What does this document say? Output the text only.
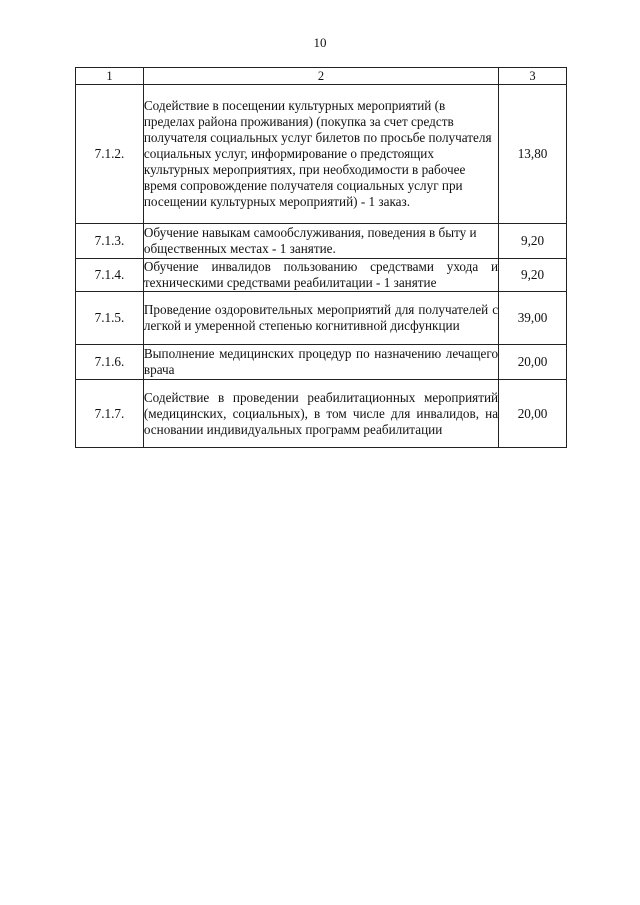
10
1	2	3
7.1.2.	Содействие в посещении культурных мероприятий (в пределах района проживания) (покупка за счет средств получателя социальных услуг билетов по просьбе получателя социальных услуг, информирование о предстоящих культурных мероприятиях, при необходимости в рабочее время сопровождение получателя социальных услуг при посещении культурных мероприятий) - 1 заказ.	13,80
7.1.3.	Обучение навыкам самообслуживания, поведения в быту и общественных местах - 1 занятие.	9,20
7.1.4.	Обучение инвалидов пользованию средствами ухода и техническими средствами реабилитации - 1 занятие	9,20
7.1.5.	Проведение оздоровительных мероприятий для получателей с легкой и умеренной степенью когнитивной дисфункции	39,00
7.1.6.	Выполнение медицинских процедур по назначению лечащего врача	20,00
7.1.7.	Содействие в проведении реабилитационных мероприятий (медицинских, социальных), в том числе для инвалидов, на основании индивидуальных программ реабилитации	20,00
